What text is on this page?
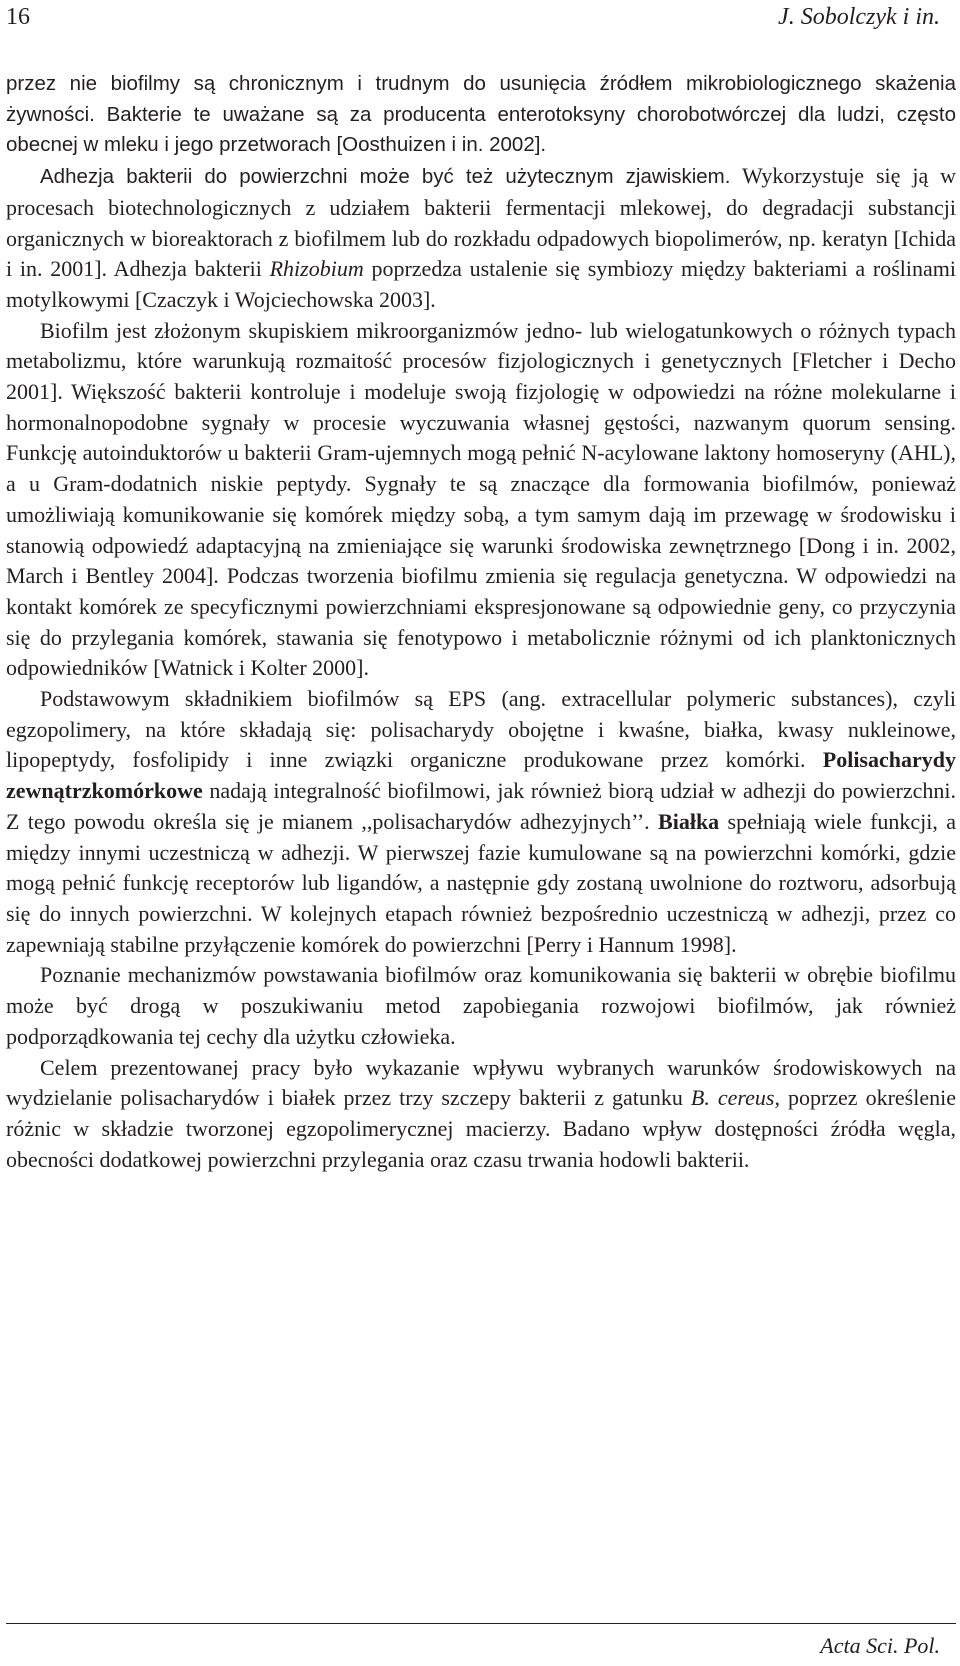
16	J. Sobolczyk i in.

przez nie biofilmy są chronicznym i trudnym do usunięcia źródłem mikrobiologicznego skażenia żywności. Bakterie te uważane są za producenta enterotoksyny chorobotwórczej dla ludzi, często obecnej w mleku i jego przetworach [Oosthuizen i in. 2002].

Adhezja bakterii do powierzchni może być też użytecznym zjawiskiem. Wykorzystuje się ją w procesach biotechnologicznych z udziałem bakterii fermentacji mlekowej, do degradacji substancji organicznych w bioreaktorach z biofilmem lub do rozkładu odpadowych biopolimerów, np. keratyn [Ichida i in. 2001]. Adhezja bakterii Rhizobium poprzedza ustalenie się symbiozy między bakteriami a roślinami motylkowymi [Czaczyk i Wojciechowska 2003].

Biofilm jest złożonym skupiskiem mikroorganizmów jedno- lub wielogatunkowych o różnych typach metabolizmu, które warunkują rozmaitość procesów fizjologicznych i genetycznych [Fletcher i Decho 2001]. Większość bakterii kontroluje i modeluje swoją fizjologię w odpowiedzi na różne molekularne i hormonalnopodobne sygnały w procesie wyczuwania własnej gęstości, nazwanym quorum sensing. Funkcję autoinduktorów u bakterii Gram-ujemnych mogą pełnić N-acylowane laktony homoseryny (AHL), a u Gram-dodatnich niskie peptydy. Sygnały te są znaczące dla formowania biofilmów, ponieważ umożliwiają komunikowanie się komórek między sobą, a tym samym dają im przewagę w środowisku i stanowią odpowiedź adaptacyjną na zmieniające się warunki środowiska zewnętrznego [Dong i in. 2002, March i Bentley 2004]. Podczas tworzenia biofilmu zmienia się regulacja genetyczna. W odpowiedzi na kontakt komórek ze specyficznymi powierzchniami ekspresjonowane są odpowiednie geny, co przyczynia się do przylegania komórek, stawania się fenotypowo i metabolicznie różnymi od ich planktonicznych odpowiedników [Watnick i Kolter 2000].

Podstawowym składnikiem biofilmów są EPS (ang. extracellular polymeric substances), czyli egzopolimery, na które składają się: polisacharydy obojętne i kwaśne, białka, kwasy nukleinowe, lipopeptydy, fosfolipidy i inne związki organiczne produkowane przez komórki. Polisacharydy zewnątrzkomórkowe nadają integralność biofilmowi, jak również biorą udział w adhezji do powierzchni. Z tego powodu określa się je mianem ,,polisacharydów adhezyjnych’’. Białka spełniają wiele funkcji, a między innymi uczestniczą w adhezji. W pierwszej fazie kumulowane są na powierzchni komórki, gdzie mogą pełnić funkcję receptorów lub ligandów, a następnie gdy zostaną uwolnione do roztworu, adsorbują się do innych powierzchni. W kolejnych etapach również bezpośrednio uczestniczą w adhezji, przez co zapewniają stabilne przyłączenie komórek do powierzchni [Perry i Hannum 1998].

Poznanie mechanizmów powstawania biofilmów oraz komunikowania się bakterii w obrębie biofilmu może być drogą w poszukiwaniu metod zapobiegania rozwojowi biofilmów, jak również podporządkowania tej cechy dla użytku człowieka.

Celem prezentowanej pracy było wykazanie wpływu wybranych warunków środowiskowych na wydzielanie polisacharydów i białek przez trzy szczepy bakterii z gatunku B. cereus, poprzez określenie różnic w składzie tworzonej egzopolimerycznej macierzy. Badano wpływ dostępności źródła węgla, obecności dodatkowej powierzchni przylegania oraz czasu trwania hodowli bakterii.

Acta Sci. Pol.
